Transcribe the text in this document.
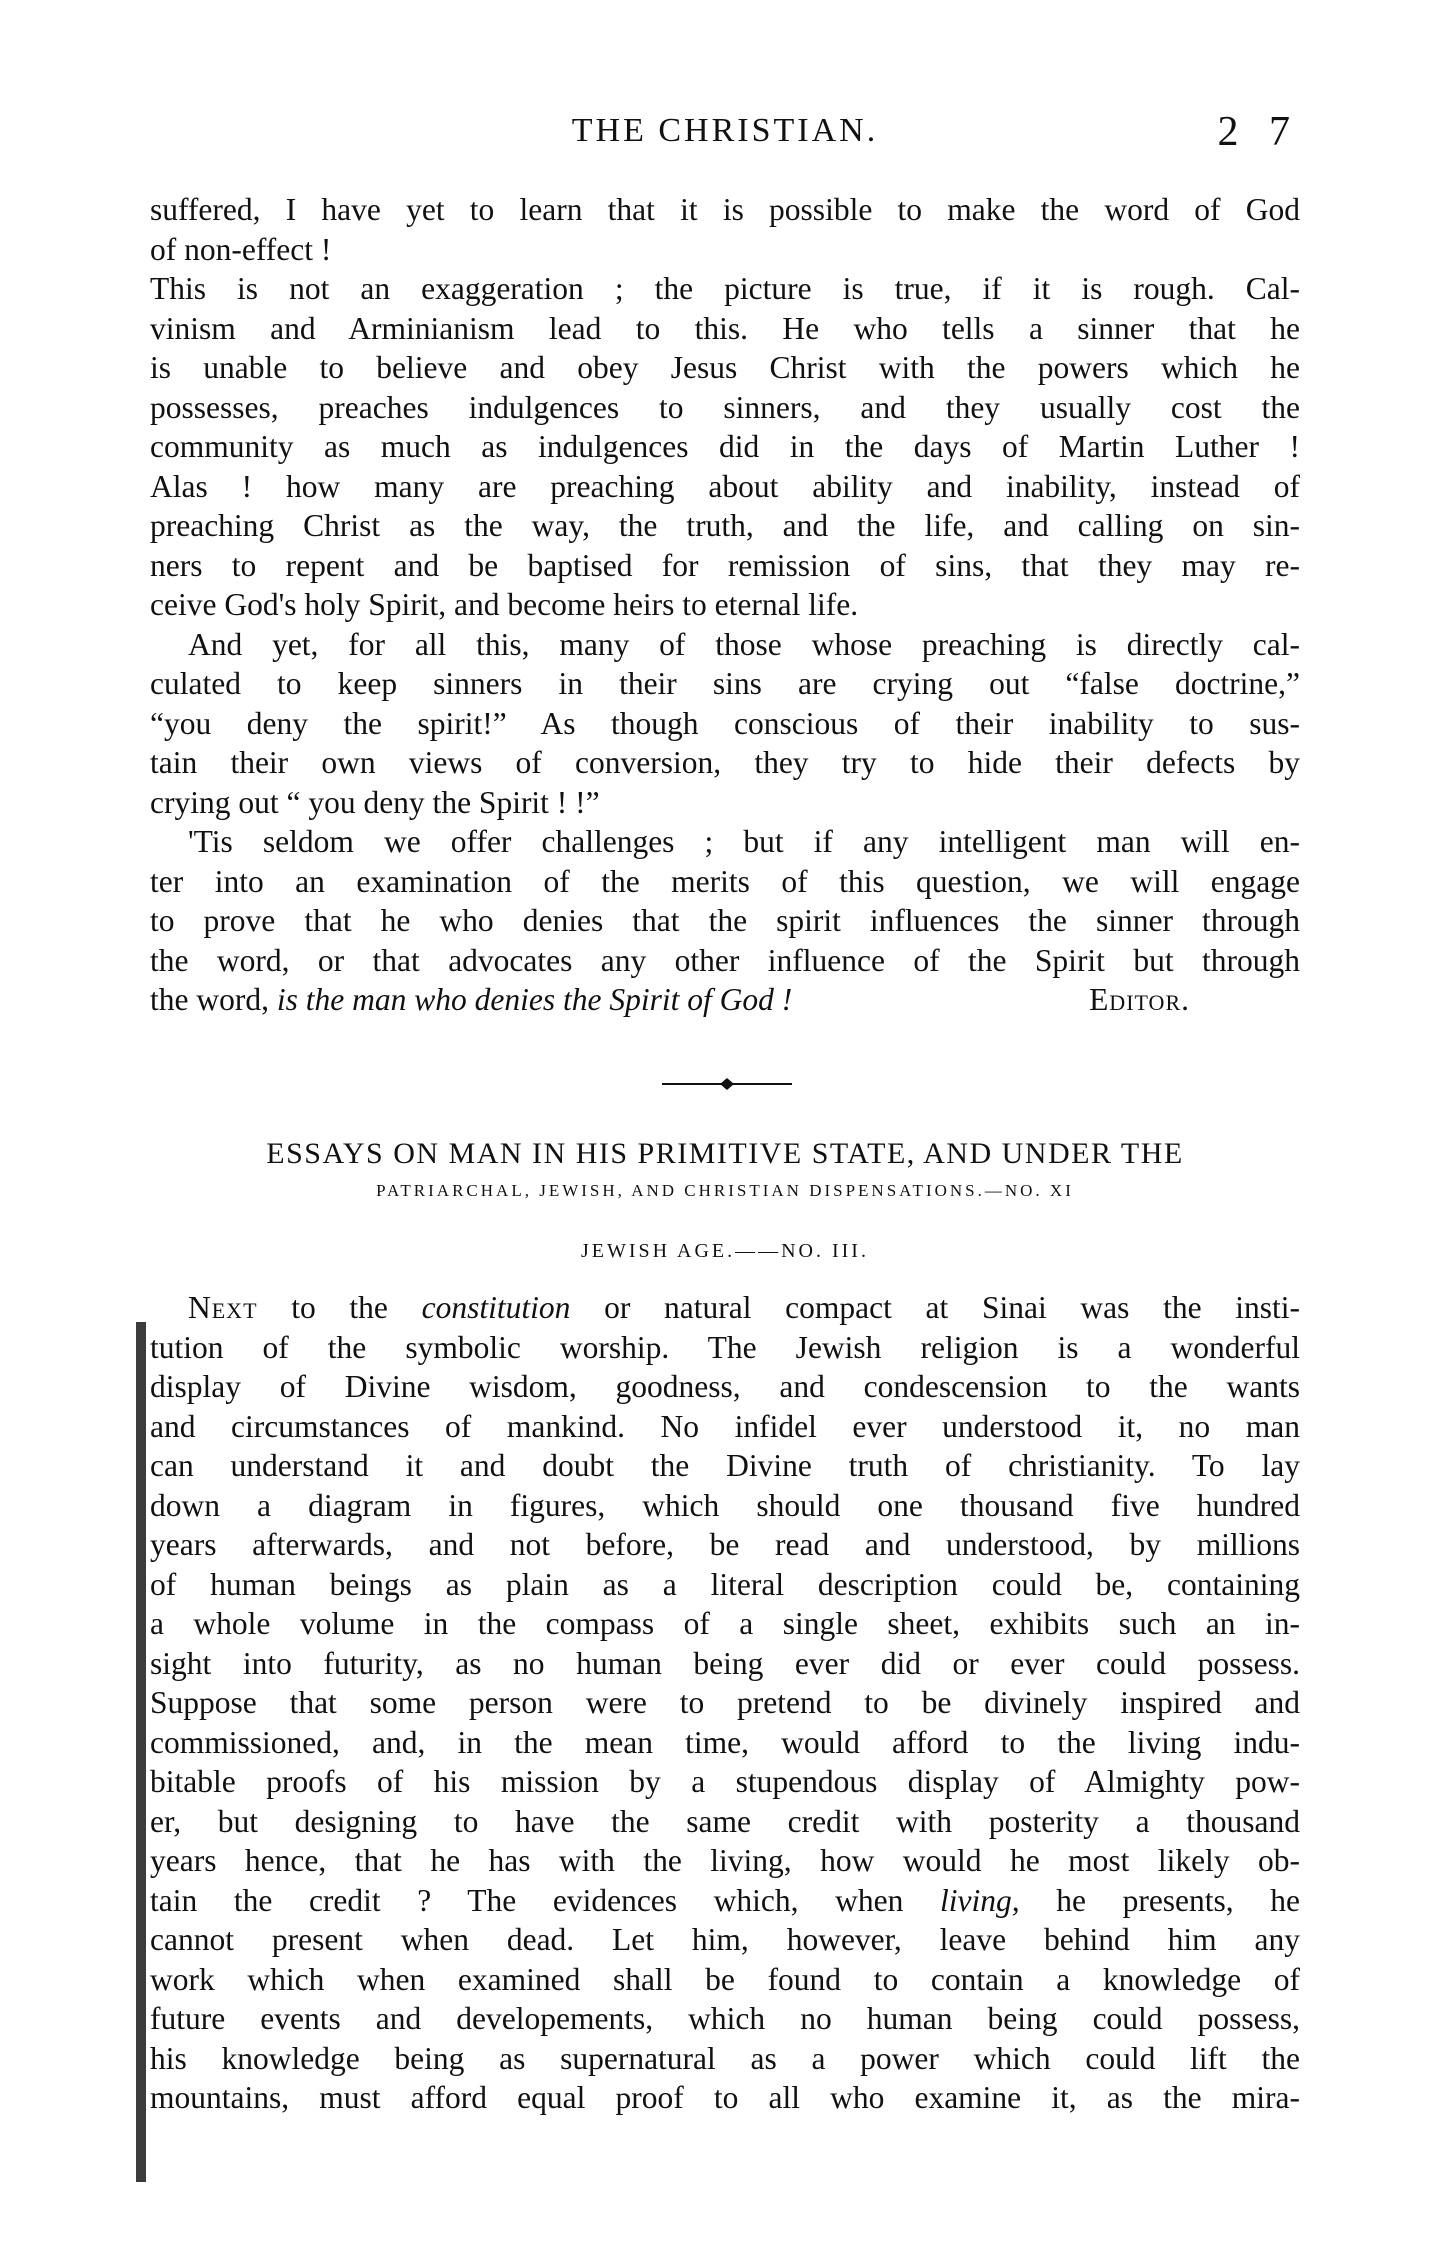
THE CHRISTIAN.	2 7
suffered, I have yet to learn that it is possible to make the word of God
of non-effect !
This is not an exaggeration ; the picture is true, if it is rough. Cal-
vinism and Arminianism lead to this. He who tells a sinner that he
is unable to believe and obey Jesus Christ with the powers which he
possesses, preaches indulgences to sinners, and they usually cost the
community as much as indulgences did in the days of Martin Luther !
Alas ! how many are preaching about ability and inability, instead of
preaching Christ as the way, the truth, and the life, and calling on sin-
ners to repent and be baptised for remission of sins, that they may re-
ceive God's holy Spirit, and become heirs to eternal life.
And yet, for all this, many of those whose preaching is directly cal-
culated to keep sinners in their sins are crying out “false doctrine,”
“you deny the spirit!” As though conscious of their inability to sus-
tain their own views of conversion, they try to hide their defects by
crying out “ you deny the Spirit ! !”
'Tis seldom we offer challenges ; but if any intelligent man will en-
ter into an examination of the merits of this question, we will engage
to prove that he who denies that the spirit influences the sinner through
the word, or that advocates any other influence of the Spirit but through
the word, is the man who denies the Spirit of God !	Editor.
ESSAYS ON MAN IN HIS PRIMITIVE STATE, AND UNDER THE
PATRIARCHAL, JEWISH, AND CHRISTIAN DISPENSATIONS.—NO. XI
JEWISH AGE.——NO. III.
Next to the constitution or natural compact at Sinai was the insti-
tution of the symbolic worship. The Jewish religion is a wonderful
display of Divine wisdom, goodness, and condescension to the wants
and circumstances of mankind. No infidel ever understood it, no man
can understand it and doubt the Divine truth of christianity. To lay
down a diagram in figures, which should one thousand five hundred
years afterwards, and not before, be read and understood, by millions
of human beings as plain as a literal description could be, containing
a whole volume in the compass of a single sheet, exhibits such an in-
sight into futurity, as no human being ever did or ever could possess.
Suppose that some person were to pretend to be divinely inspired and
commissioned, and, in the mean time, would afford to the living indu-
bitable proofs of his mission by a stupendous display of Almighty pow-
er, but designing to have the same credit with posterity a thousand
years hence, that he has with the living, how would he most likely ob-
tain the credit ? The evidences which, when living, he presents, he
cannot present when dead. Let him, however, leave behind him any
work which when examined shall be found to contain a knowledge of
future events and developements, which no human being could possess,
his knowledge being as supernatural as a power which could lift the
mountains, must afford equal proof to all who examine it, as the mira-
